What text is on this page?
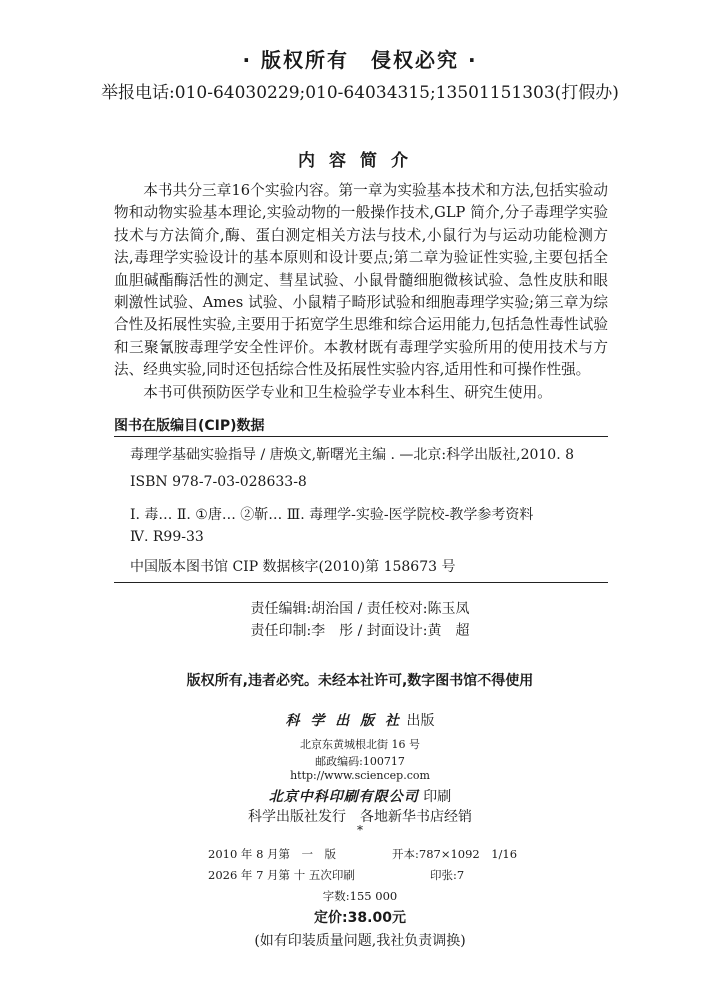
· 版权所有　侵权必究 ·
举报电话:010-64030229;010-64034315;13501151303(打假办)
内容简介

本书共分三章16个实验内容。第一章为实验基本技术和方法,包括实验动物和动物实验基本理论,实验动物的一般操作技术,GLP 简介,分子毒理学实验技术与方法简介,酶、蛋白测定相关方法与技术,小鼠行为与运动功能检测方法,毒理学实验设计的基本原则和设计要点;第二章为验证性实验,主要包括全血胆碱酯酶活性的测定、彗星试验、小鼠骨髓细胞微核试验、急性皮肤和眼刺激性试验、Ames 试验、小鼠精子畸形试验和细胞毒理学实验;第三章为综合性及拓展性实验,主要用于拓宽学生思维和综合运用能力,包括急性毒性试验和三聚氰胺毒理学安全性评价。本教材既有毒理学实验所用的使用技术与方法、经典实验,同时还包括综合性及拓展性实验内容,适用性和可操作性强。

本书可供预防医学专业和卫生检验学专业本科生、研究生使用。

图书在版编目(CIP)数据
毒理学基础实验指导 / 唐焕文,靳曙光主编 . —北京:科学出版社,2010. 8
ISBN 978-7-03-028633-8
Ⅰ. 毒… Ⅱ. ①唐… ②靳… Ⅲ. 毒理学-实验-医学院校-教学参考资料
Ⅳ. R99-33
中国版本图书馆 CIP 数据核字(2010)第 158673 号
责任编辑:胡治国 / 责任校对:陈玉凤
责任印制:李　彤 / 封面设计:黄　超
版权所有,违者必究。未经本社许可,数字图书馆不得使用
科 学 出 版 社 出版
北京东黄城根北街 16 号
邮政编码:100717
http://www.sciencep.com
北京中科印刷有限公司 印刷
科学出版社发行　各地新华书店经销
*
2010 年 8 月第　一　版	开本:787×1092　1/16
2026 年 7 月第 十 五次印刷	印张:7
字数:155 000
定价:38.00元
(如有印装质量问题,我社负责调换)
